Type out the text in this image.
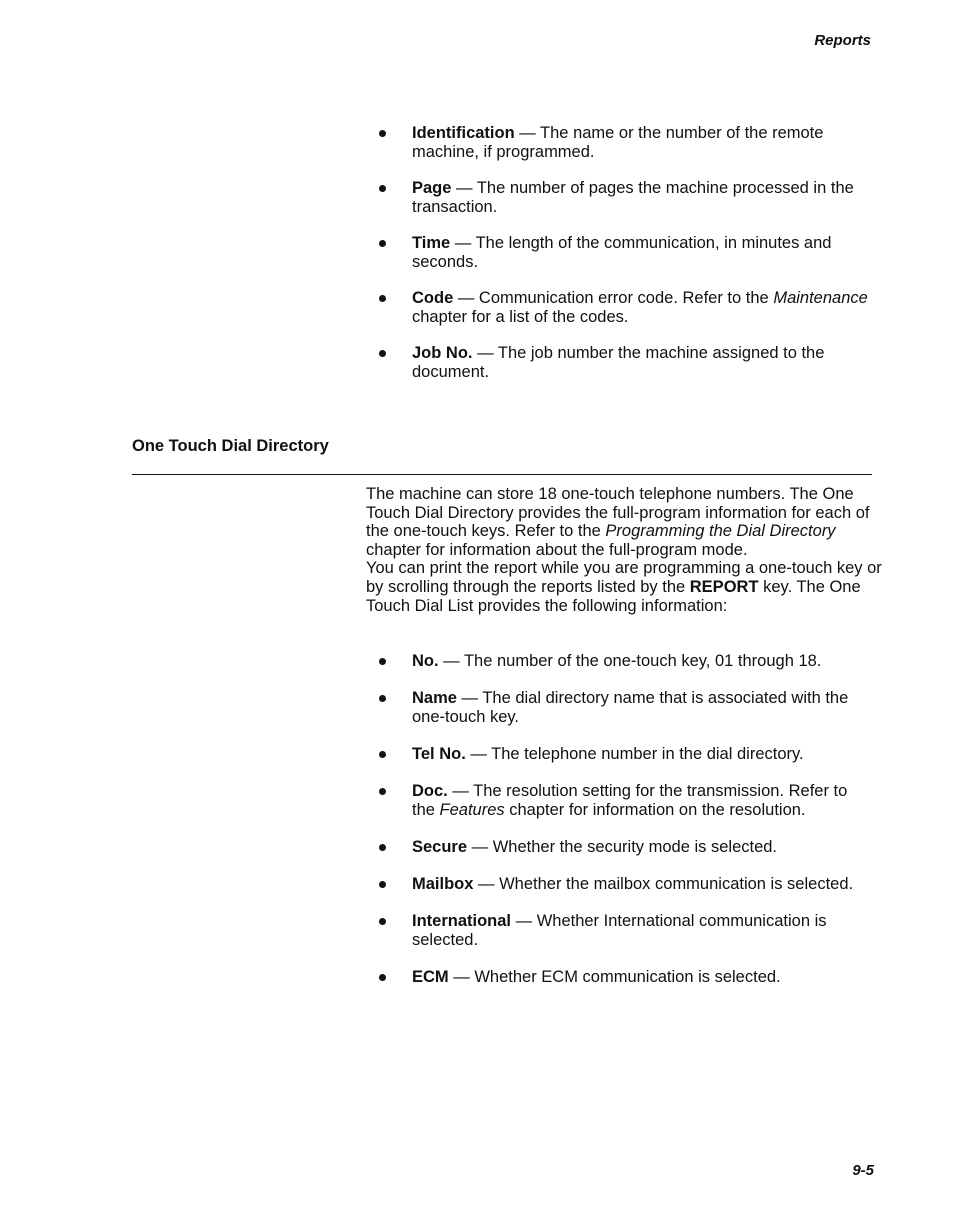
Reports
Identification — The name or the number of the remote machine, if programmed.
Page — The number of pages the machine processed in the transaction.
Time — The length of the communication, in minutes and seconds.
Code — Communication error code. Refer to the Maintenance chapter for a list of the codes.
Job No. — The job number the machine assigned to the document.
One Touch Dial Directory

The machine can store 18 one-touch telephone numbers. The One Touch Dial Directory provides the full-program information for each of the one-touch keys. Refer to the Programming the Dial Directory chapter for information about the full-program mode.

You can print the report while you are programming a one-touch key or by scrolling through the reports listed by the REPORT key. The One Touch Dial List provides the following information:

No. — The number of the one-touch key, 01 through 18.
Name — The dial directory name that is associated with the one-touch key.
Tel No. — The telephone number in the dial directory.
Doc. — The resolution setting for the transmission. Refer to the Features chapter for information on the resolution.
Secure — Whether the security mode is selected.
Mailbox — Whether the mailbox communication is selected.
International — Whether International communication is selected.
ECM — Whether ECM communication is selected.
9-5
